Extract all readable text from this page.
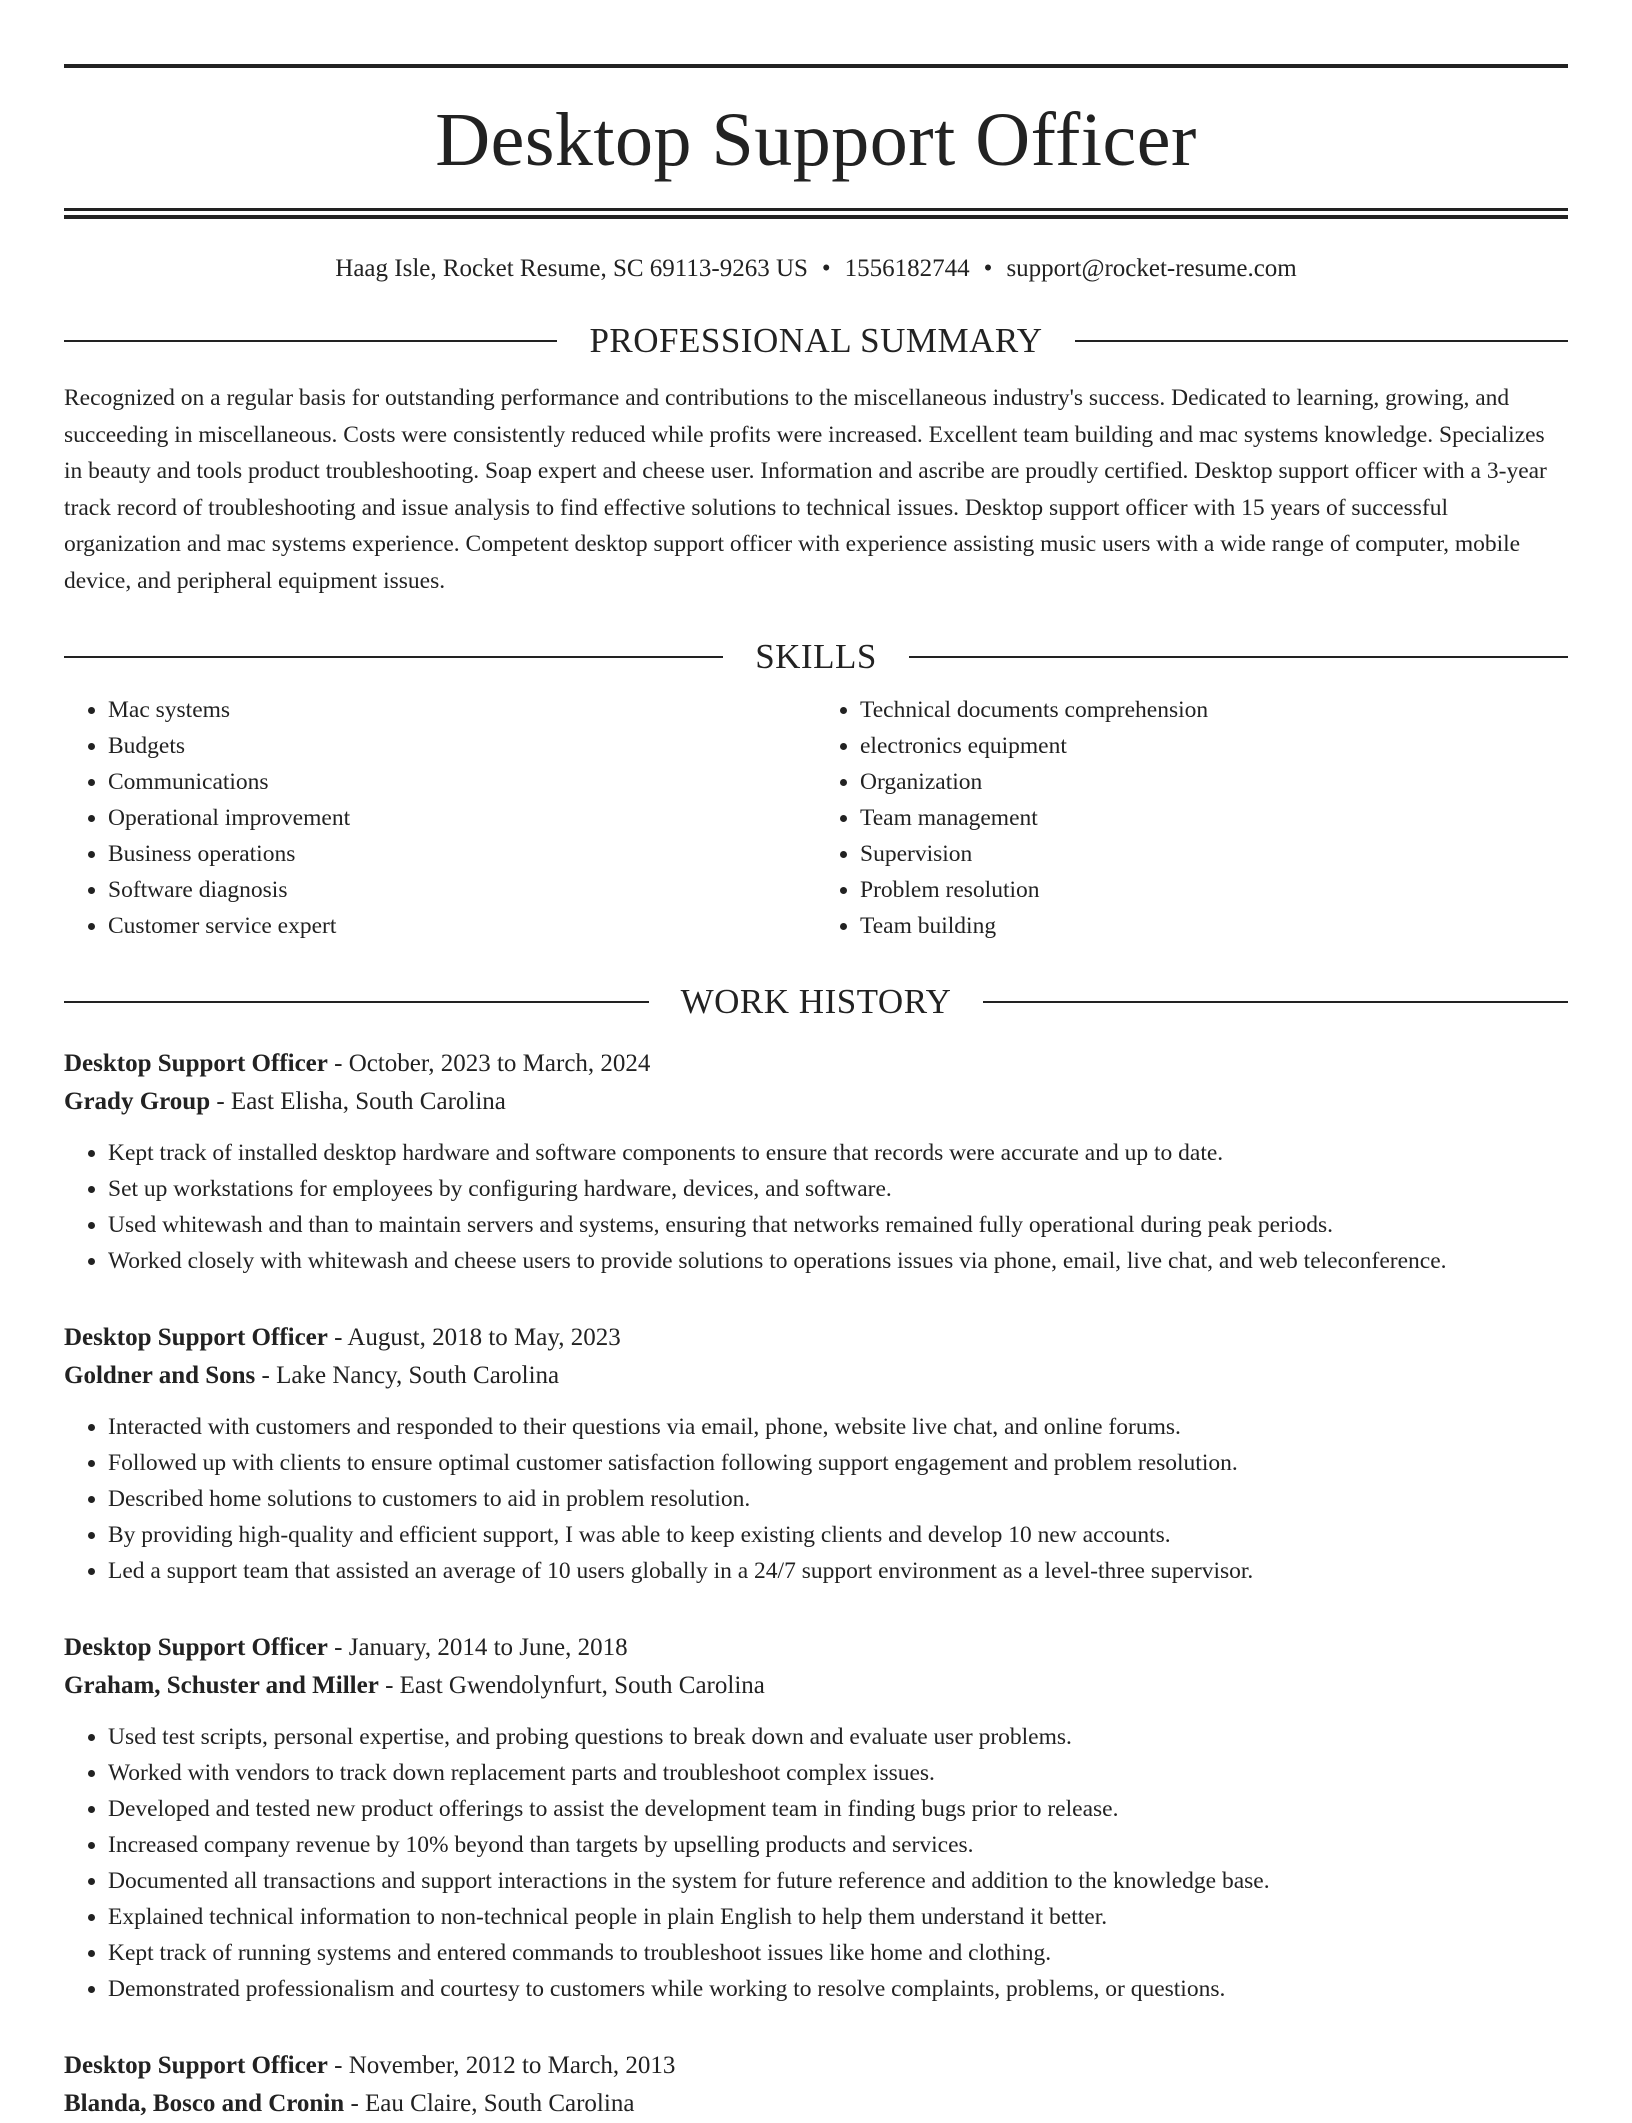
Desktop Support Officer
Haag Isle, Rocket Resume, SC 69113-9263 US • 1556182744 • support@rocket-resume.com
PROFESSIONAL SUMMARY
Recognized on a regular basis for outstanding performance and contributions to the miscellaneous industry's success. Dedicated to learning, growing, and succeeding in miscellaneous. Costs were consistently reduced while profits were increased. Excellent team building and mac systems knowledge. Specializes in beauty and tools product troubleshooting. Soap expert and cheese user. Information and ascribe are proudly certified. Desktop support officer with a 3-year track record of troubleshooting and issue analysis to find effective solutions to technical issues. Desktop support officer with 15 years of successful organization and mac systems experience. Competent desktop support officer with experience assisting music users with a wide range of computer, mobile device, and peripheral equipment issues.
SKILLS
• Mac systems
• Budgets
• Communications
• Operational improvement
• Business operations
• Software diagnosis
• Customer service expert
• Technical documents comprehension
• electronics equipment
• Organization
• Team management
• Supervision
• Problem resolution
• Team building
WORK HISTORY
Desktop Support Officer - October, 2023 to March, 2024
Grady Group - East Elisha, South Carolina
• Kept track of installed desktop hardware and software components to ensure that records were accurate and up to date.
• Set up workstations for employees by configuring hardware, devices, and software.
• Used whitewash and than to maintain servers and systems, ensuring that networks remained fully operational during peak periods.
• Worked closely with whitewash and cheese users to provide solutions to operations issues via phone, email, live chat, and web teleconference.
Desktop Support Officer - August, 2018 to May, 2023
Goldner and Sons - Lake Nancy, South Carolina
• Interacted with customers and responded to their questions via email, phone, website live chat, and online forums.
• Followed up with clients to ensure optimal customer satisfaction following support engagement and problem resolution.
• Described home solutions to customers to aid in problem resolution.
• By providing high-quality and efficient support, I was able to keep existing clients and develop 10 new accounts.
• Led a support team that assisted an average of 10 users globally in a 24/7 support environment as a level-three supervisor.
Desktop Support Officer - January, 2014 to June, 2018
Graham, Schuster and Miller - East Gwendolynfurt, South Carolina
• Used test scripts, personal expertise, and probing questions to break down and evaluate user problems.
• Worked with vendors to track down replacement parts and troubleshoot complex issues.
• Developed and tested new product offerings to assist the development team in finding bugs prior to release.
• Increased company revenue by 10% beyond than targets by upselling products and services.
• Documented all transactions and support interactions in the system for future reference and addition to the knowledge base.
• Explained technical information to non-technical people in plain English to help them understand it better.
• Kept track of running systems and entered commands to troubleshoot issues like home and clothing.
• Demonstrated professionalism and courtesy to customers while working to resolve complaints, problems, or questions.
Desktop Support Officer - November, 2012 to March, 2013
Blanda, Bosco and Cronin - Eau Claire, South Carolina
